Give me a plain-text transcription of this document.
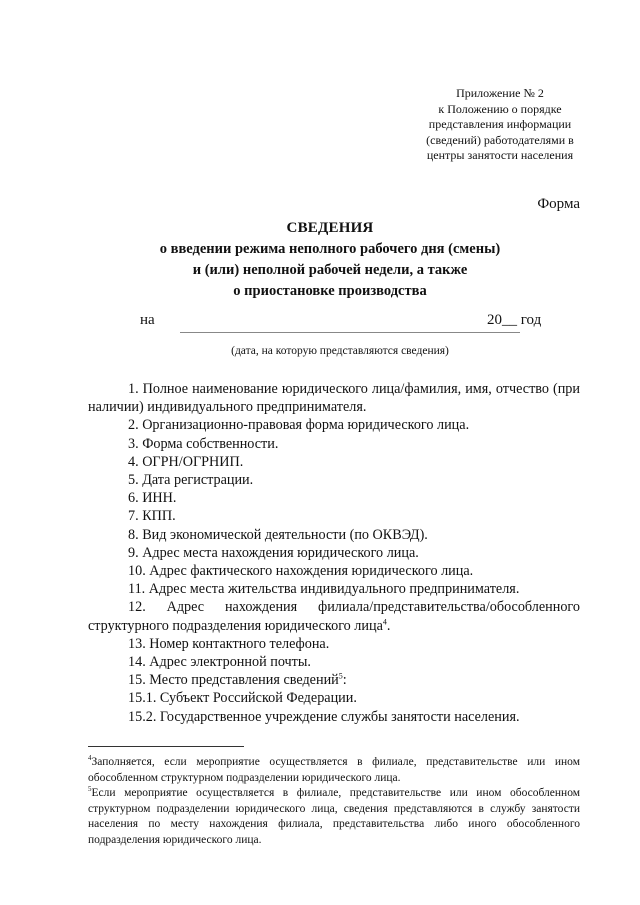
Приложение № 2
к Положению о порядке
представления информации
(сведений) работодателями в
центры занятости населения
Форма
СВЕДЕНИЯ
о введении режима неполного рабочего дня (смены)
и (или) неполной рабочей недели, а также
о приостановке производства
на	20__ год
(дата, на которую представляются сведения)

1. Полное наименование юридического лица/фамилия, имя, отчество (при наличии) индивидуального предпринимателя.

2. Организационно-правовая форма юридического лица.

3. Форма собственности.

4. ОГРН/ОГРНИП.

5. Дата регистрации.

6. ИНН.

7. КПП.

8. Вид экономической деятельности (по ОКВЭД).

9. Адрес места нахождения юридического лица.

10. Адрес фактического нахождения юридического лица.

11. Адрес места жительства индивидуального предпринимателя.

12. Адрес нахождения филиала/представительства/обособленного структурного подразделения юридического лица$^4$.

13. Номер контактного телефона.

14. Адрес электронной почты.

15. Место представления сведений$^5$:

15.1. Субъект Российской Федерации.

15.2. Государственное учреждение службы занятости населения.

$^4$Заполняется, если мероприятие осуществляется в филиале, представительстве или ином обособленном структурном подразделении юридического лица.

$^5$Если мероприятие осуществляется в филиале, представительстве или ином обособленном структурном подразделении юридического лица, сведения представляются в службу занятости населения по месту нахождения филиала, представительства либо иного обособленного подразделения юридического лица.
